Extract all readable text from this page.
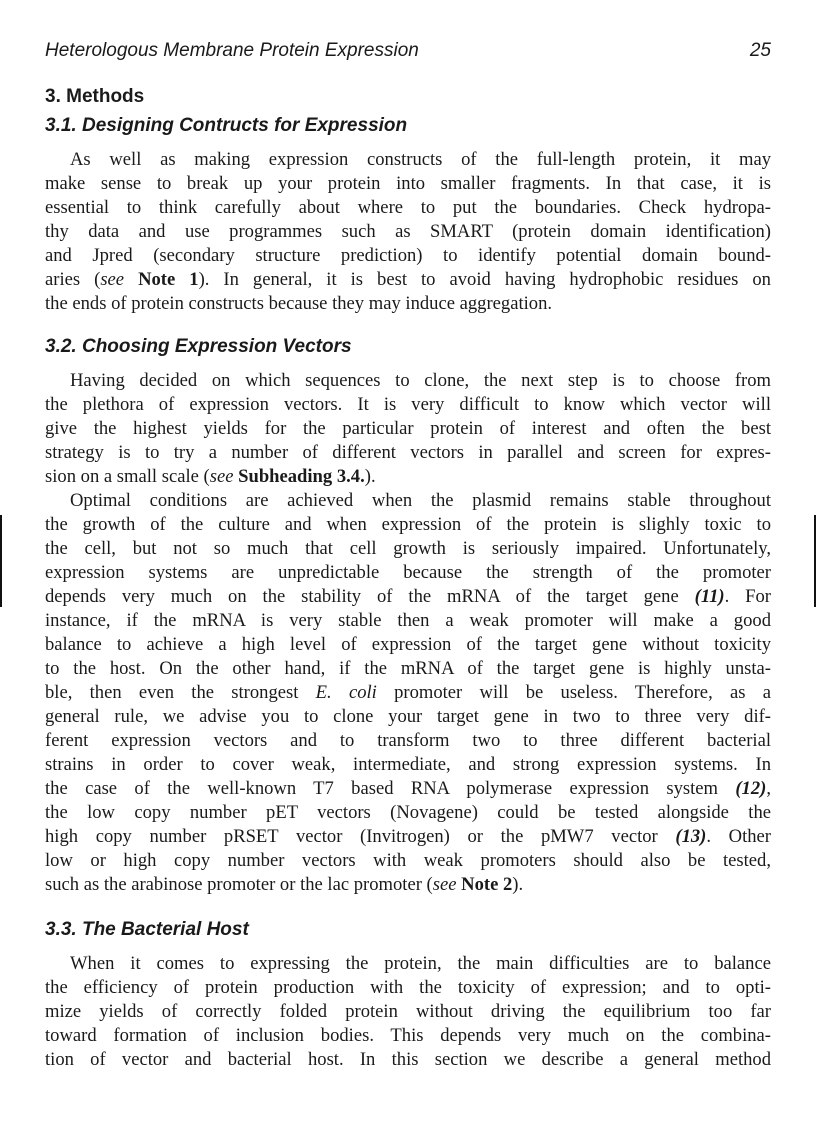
Heterologous Membrane Protein Expression	25
3. Methods
3.1. Designing Contructs for Expression
As well as making expression constructs of the full-length protein, it may
make sense to break up your protein into smaller fragments. In that case, it is
essential to think carefully about where to put the boundaries. Check hydropa-
thy data and use programmes such as SMART (protein domain identification)
and Jpred (secondary structure prediction) to identify potential domain bound-
aries (see Note 1). In general, it is best to avoid having hydrophobic residues on
the ends of protein constructs because they may induce aggregation.
3.2. Choosing Expression Vectors
Having decided on which sequences to clone, the next step is to choose from
the plethora of expression vectors. It is very difficult to know which vector will
give the highest yields for the particular protein of interest and often the best
strategy is to try a number of different vectors in parallel and screen for expres-
sion on a small scale (see Subheading 3.4.).
Optimal conditions are achieved when the plasmid remains stable throughout
the growth of the culture and when expression of the protein is slighly toxic to
the cell, but not so much that cell growth is seriously impaired. Unfortunately,
expression systems are unpredictable because the strength of the promoter
depends very much on the stability of the mRNA of the target gene (11). For
instance, if the mRNA is very stable then a weak promoter will make a good
balance to achieve a high level of expression of the target gene without toxicity
to the host. On the other hand, if the mRNA of the target gene is highly unsta-
ble, then even the strongest E. coli promoter will be useless. Therefore, as a
general rule, we advise you to clone your target gene in two to three very dif-
ferent expression vectors and to transform two to three different bacterial
strains in order to cover weak, intermediate, and strong expression systems. In
the case of the well-known T7 based RNA polymerase expression system (12),
the low copy number pET vectors (Novagene) could be tested alongside the
high copy number pRSET vector (Invitrogen) or the pMW7 vector (13). Other
low or high copy number vectors with weak promoters should also be tested,
such as the arabinose promoter or the lac promoter (see Note 2).
3.3. The Bacterial Host
When it comes to expressing the protein, the main difficulties are to balance
the efficiency of protein production with the toxicity of expression; and to opti-
mize yields of correctly folded protein without driving the equilibrium too far
toward formation of inclusion bodies. This depends very much on the combina-
tion of vector and bacterial host. In this section we describe a general method
